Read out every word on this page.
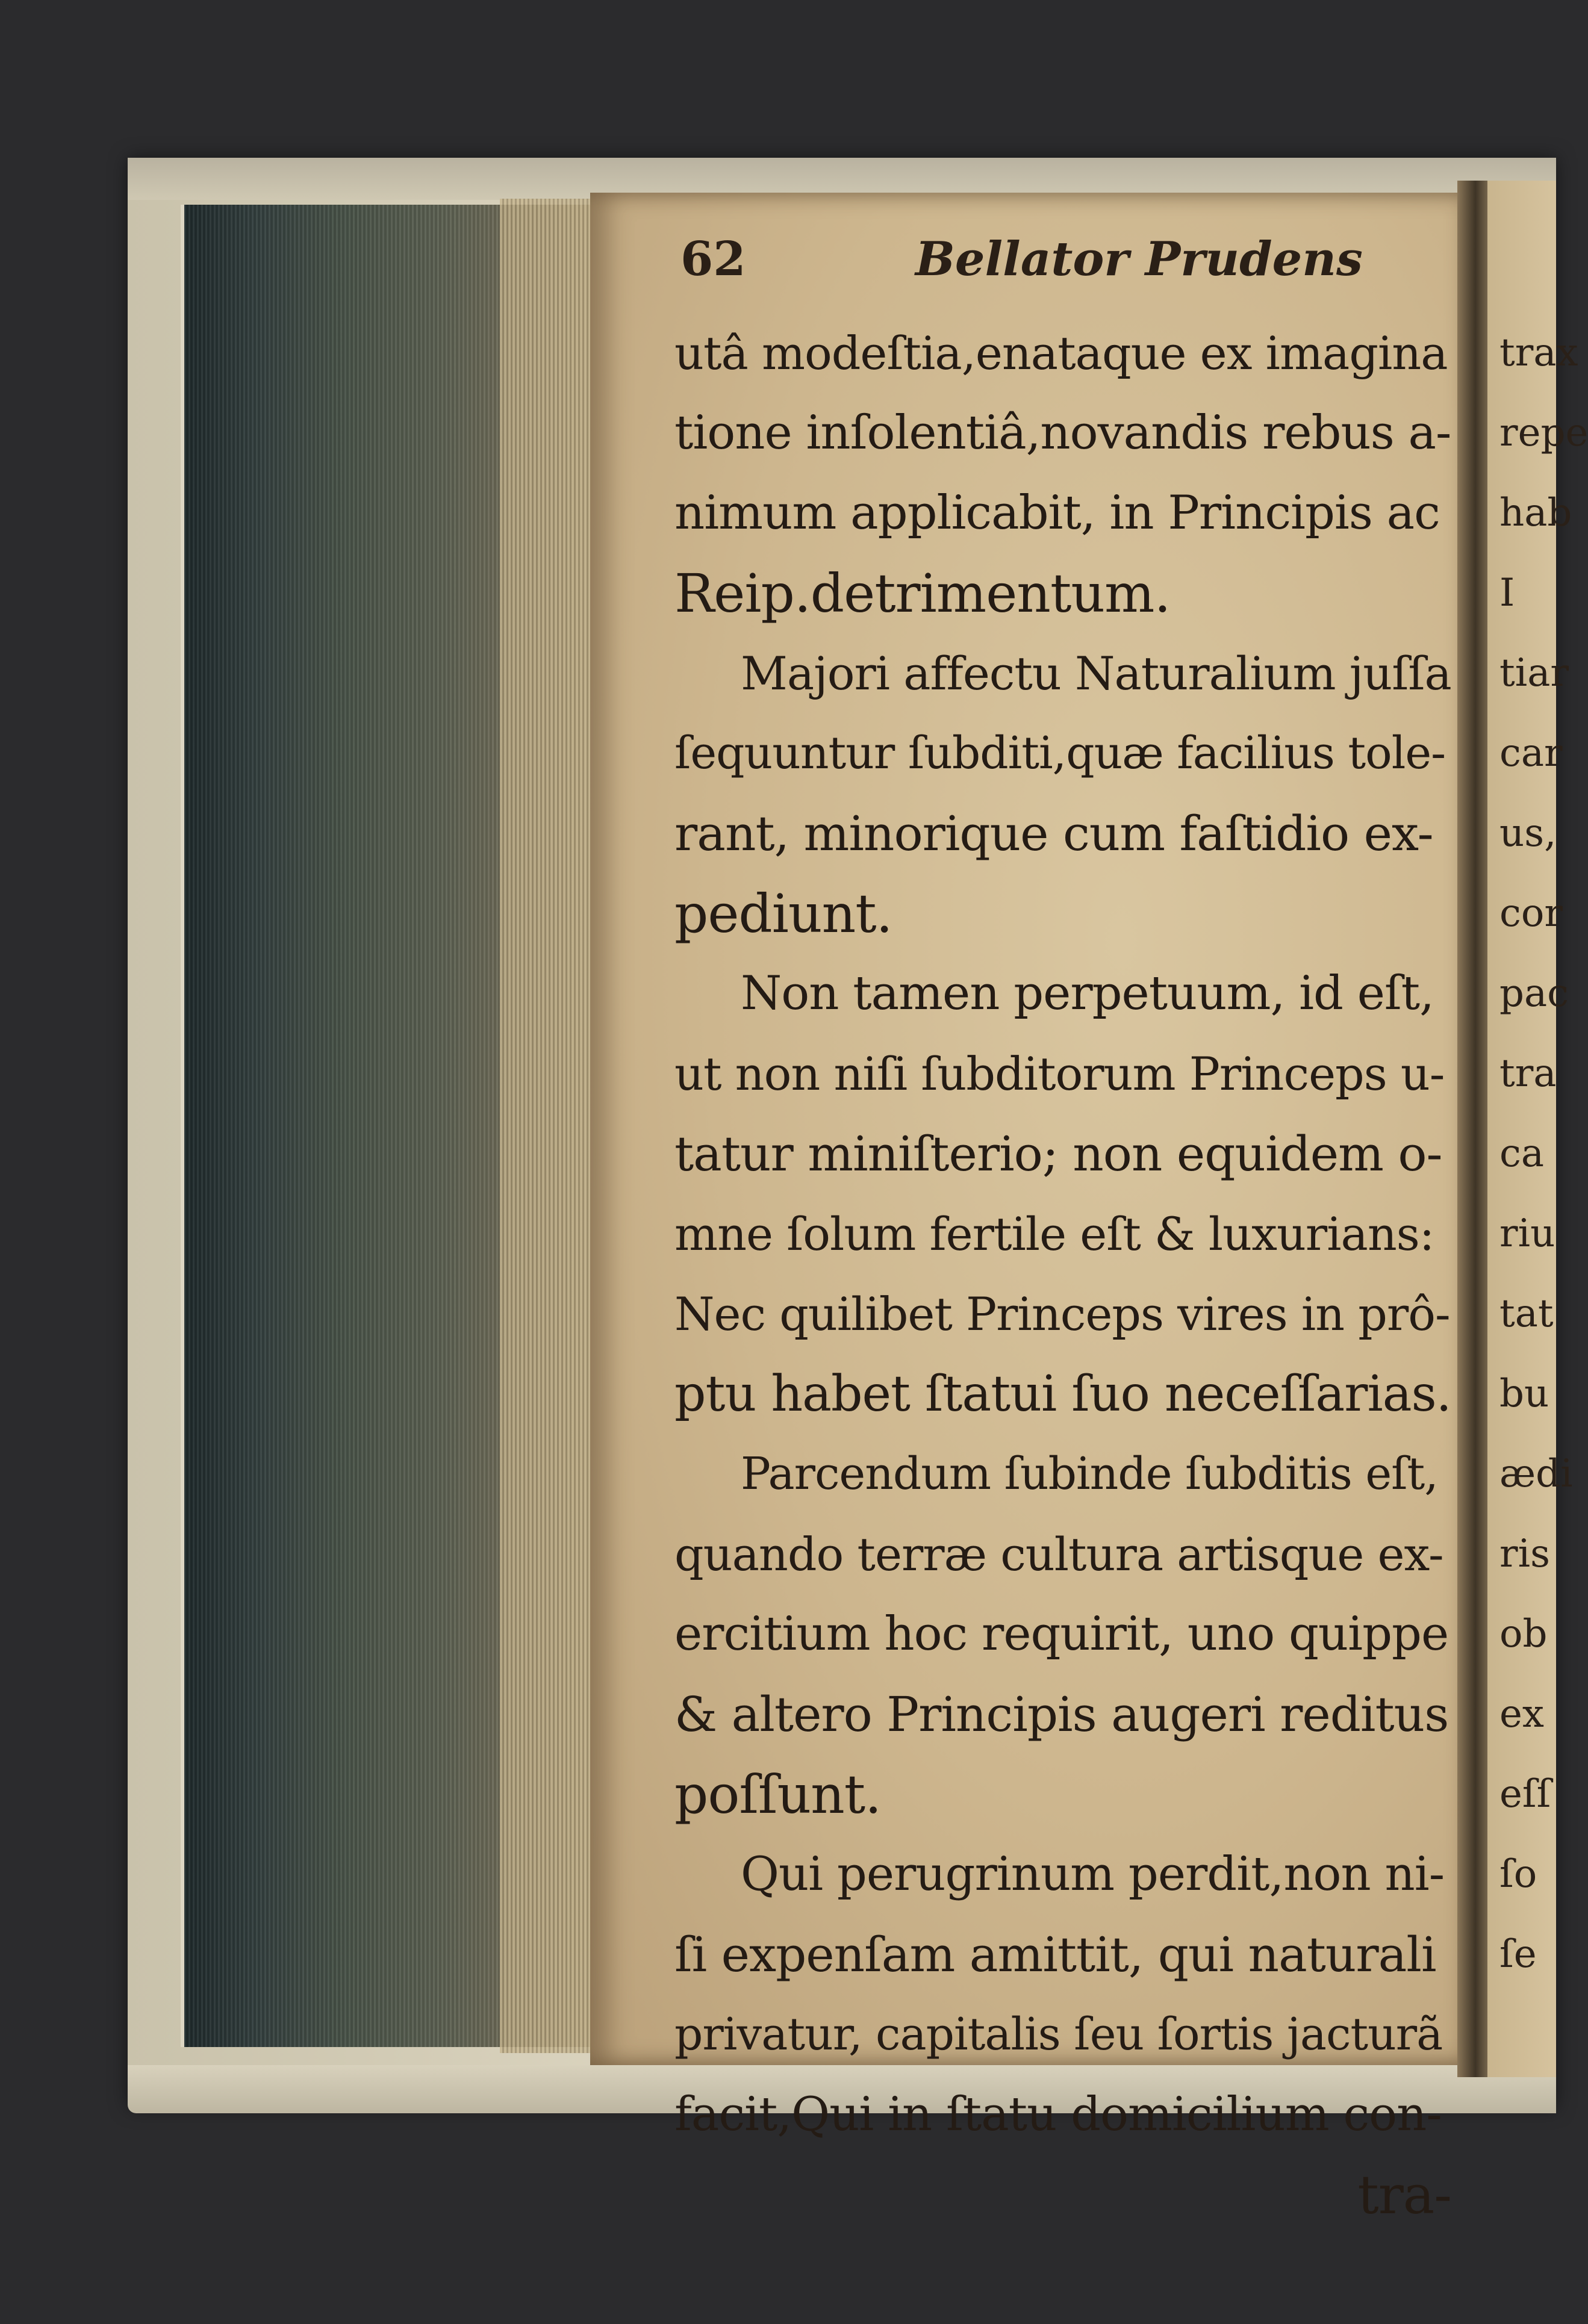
62	Bellator Prudens
utâ modeſtia,enataque ex imagina
tione inſolentiâ,novandis rebus a-
nimum applicabit, in Principis ac
Reip.detrimentum.
Majori affectu Naturalium juſſa
ſequuntur ſubditi,quæ facilius tole-
rant, minorique cum faſtidio ex-
pediunt.
Non tamen perpetuum, id eſt,
ut non niſi ſubditorum Princeps u-
tatur miniſterio; non equidem o-
mne ſolum fertile eſt & luxurians:
Nec quilibet Princeps vires in prô-
ptu habet ſtatui ſuo neceſſarias.
Parcendum ſubinde ſubditis eſt,
quando terræ cultura artisque ex-
ercitium hoc requirit, uno quippe
& altero Principis augeri reditus
poſſunt.
Qui perugrinum perdit,non ni-
ſi expenſam amittit, qui naturali
privatur, capitalis ſeu ſortis jacturã
facit,Qui in ſtatu domicilium con-
tra-
trax
repe
hab
I
tiar
car
us,
cor
pac
tra
ca
riu
tat
bu
ædi
ris
ob
ex
eſſ
ſo
ſe
